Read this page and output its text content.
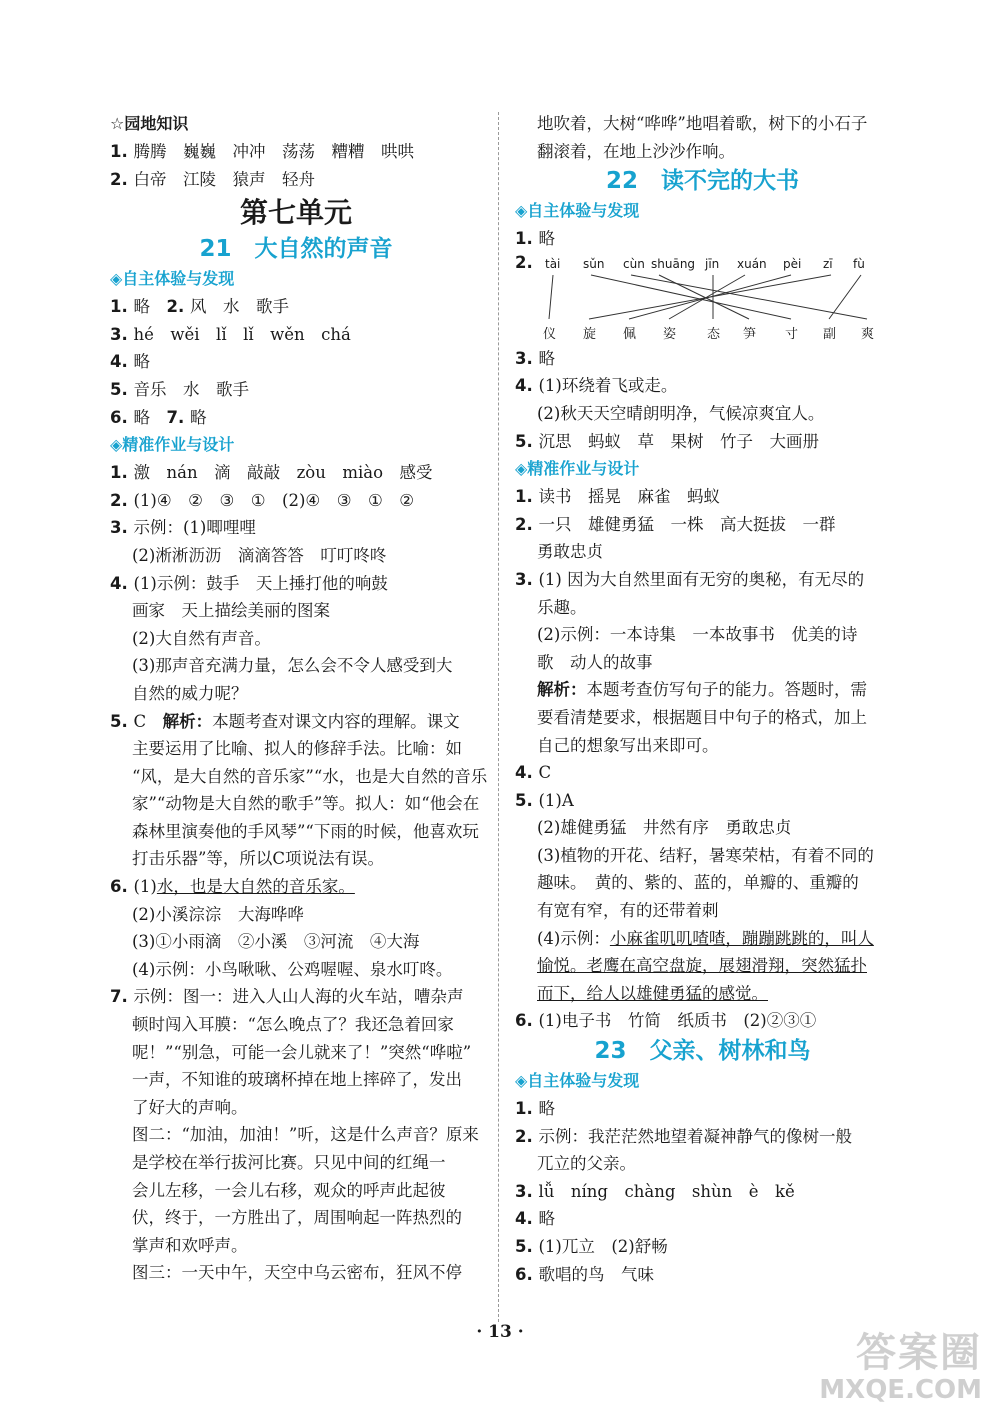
☆园地知识
1. 腾腾　巍巍　冲冲　荡荡　糟糟　哄哄
2. 白帝　江陵　猿声　轻舟
第七单元
21　大自然的声音
◈自主体验与发现
1. 略　2. 风　水　歌手
3. hé　wěi　lǐ　lǐ　wěn　chá
4. 略
5. 音乐　水　歌手
6. 略　7. 略
◈精准作业与设计
1. 激　nán　滴　敲敲　zòu　miào　感受
2. (1)④　②　③　①　(2)④　③　①　②
3. 示例：(1)唧哩哩
(2)淅淅沥沥　滴滴答答　叮叮咚咚
4. (1)示例：鼓手　天上捶打他的响鼓
画家　天上描绘美丽的图案
(2)大自然有声音。
(3)那声音充满力量，怎么会不令人感受到大
自然的威力呢？
5. C　解析：本题考查对课文内容的理解。课文
主要运用了比喻、拟人的修辞手法。比喻：如
“风，是大自然的音乐家”“水，也是大自然的音乐
家”“动物是大自然的歌手”等。拟人：如“他会在
森林里演奏他的手风琴”“下雨的时候，他喜欢玩
打击乐器”等，所以C项说法有误。
6. (1)水，也是大自然的音乐家。
(2)小溪淙淙　大海哗哗
(3)①小雨滴　②小溪　③河流　④大海
(4)示例：小鸟啾啾、公鸡喔喔、泉水叮咚。
7. 示例：图一：进入人山人海的火车站，嘈杂声
顿时闯入耳膜：“怎么晚点了？我还急着回家
呢！”“别急，可能一会儿就来了！”突然“哗啦”
一声，不知谁的玻璃杯掉在地上摔碎了，发出
了好大的声响。
图二：“加油，加油！”听，这是什么声音？原来
是学校在举行拔河比赛。只见中间的红绳一
会儿左移，一会儿右移，观众的呼声此起彼
伏，终于，一方胜出了，周围响起一阵热烈的
掌声和欢呼声。
图三：一天中午，天空中乌云密布，狂风不停
地吹着，大树“哗哗”地唱着歌，树下的小石子
翻滚着，在地上沙沙作响。
22　读不完的大书
◈自主体验与发现
1. 略
2. tài sǔn cùn shuāng jīn xuán pèi zī fù
仪 旋 佩 姿 态 笋 寸 副 爽
3. 略
4. (1)环绕着飞或走。
(2)秋天天空晴朗明净，气候凉爽宜人。
5. 沉思　蚂蚁　草　果树　竹子　大画册
◈精准作业与设计
1. 读书　摇晃　麻雀　蚂蚁
2. 一只　雄健勇猛　一株　高大挺拔　一群
勇敢忠贞
3. (1) 因为大自然里面有无穷的奥秘，有无尽的
乐趣。
(2)示例：一本诗集　一本故事书　优美的诗
歌　动人的故事
解析：本题考查仿写句子的能力。答题时，需
要看清楚要求，根据题目中句子的格式，加上
自己的想象写出来即可。
4. C
5. (1)A
(2)雄健勇猛　井然有序　勇敢忠贞
(3)植物的开花、结籽，暑寒荣枯，有着不同的
趣味。　黄的、紫的、蓝的，单瓣的、重瓣的
有宽有窄，有的还带着刺
(4)示例：小麻雀叽叽喳喳，蹦蹦跳跳的，叫人
愉悦。老鹰在高空盘旋，展翅滑翔，突然猛扑
而下，给人以雄健勇猛的感觉。
6. (1)电子书　竹简　纸质书　(2)②③①
23　父亲、树林和鸟
◈自主体验与发现
1. 略
2. 示例：我茫茫然地望着凝神静气的像树一般
兀立的父亲。
3. lǚ　níng　chàng　shùn　è　kě
4. 略
5. (1)兀立　(2)舒畅
6. 歌唱的鸟　气味
· 13 ·	答案圈
MXQE.COM
